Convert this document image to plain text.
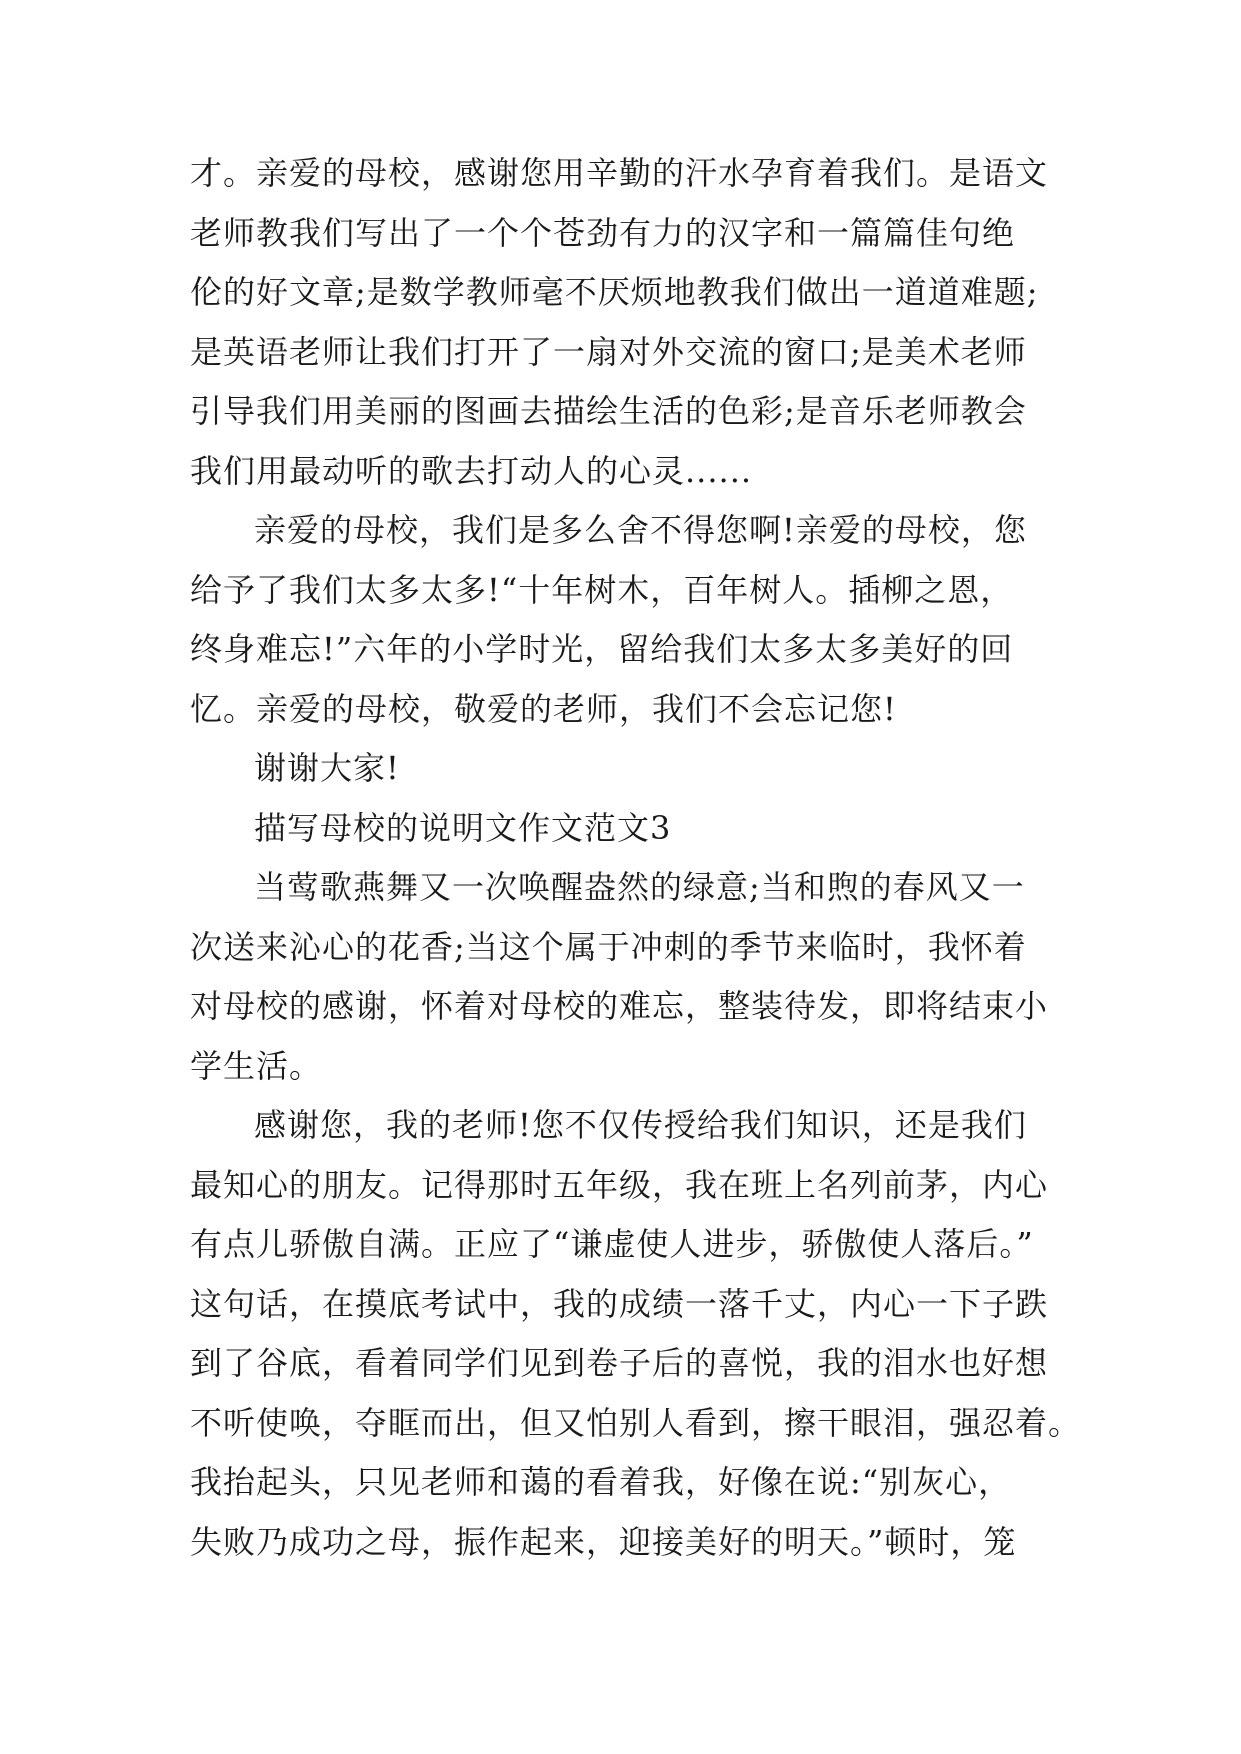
才。亲爱的母校，感谢您用辛勤的汗水孕育着我们。是语文
老师教我们写出了一个个苍劲有力的汉字和一篇篇佳句绝
伦的好文章;是数学教师毫不厌烦地教我们做出一道道难题;
是英语老师让我们打开了一扇对外交流的窗口;是美术老师
引导我们用美丽的图画去描绘生活的色彩;是音乐老师教会
我们用最动听的歌去打动人的心灵......
亲爱的母校，我们是多么舍不得您啊!亲爱的母校，您
给予了我们太多太多!“十年树木，百年树人。插柳之恩，
终身难忘!”六年的小学时光，留给我们太多太多美好的回
忆。亲爱的母校，敬爱的老师，我们不会忘记您!
谢谢大家!
描写母校的说明文作文范文3
当莺歌燕舞又一次唤醒盎然的绿意;当和煦的春风又一
次送来沁心的花香;当这个属于冲刺的季节来临时，我怀着
对母校的感谢，怀着对母校的难忘，整装待发，即将结束小
学生活。
感谢您，我的老师!您不仅传授给我们知识，还是我们
最知心的朋友。记得那时五年级，我在班上名列前茅，内心
有点儿骄傲自满。正应了“谦虚使人进步，骄傲使人落后。”
这句话，在摸底考试中，我的成绩一落千丈，内心一下子跌
到了谷底，看着同学们见到卷子后的喜悦，我的泪水也好想
不听使唤，夺眶而出，但又怕别人看到，擦干眼泪，强忍着。
我抬起头，只见老师和蔼的看着我，好像在说:“别灰心，
失败乃成功之母，振作起来，迎接美好的明天。”顿时，笼
